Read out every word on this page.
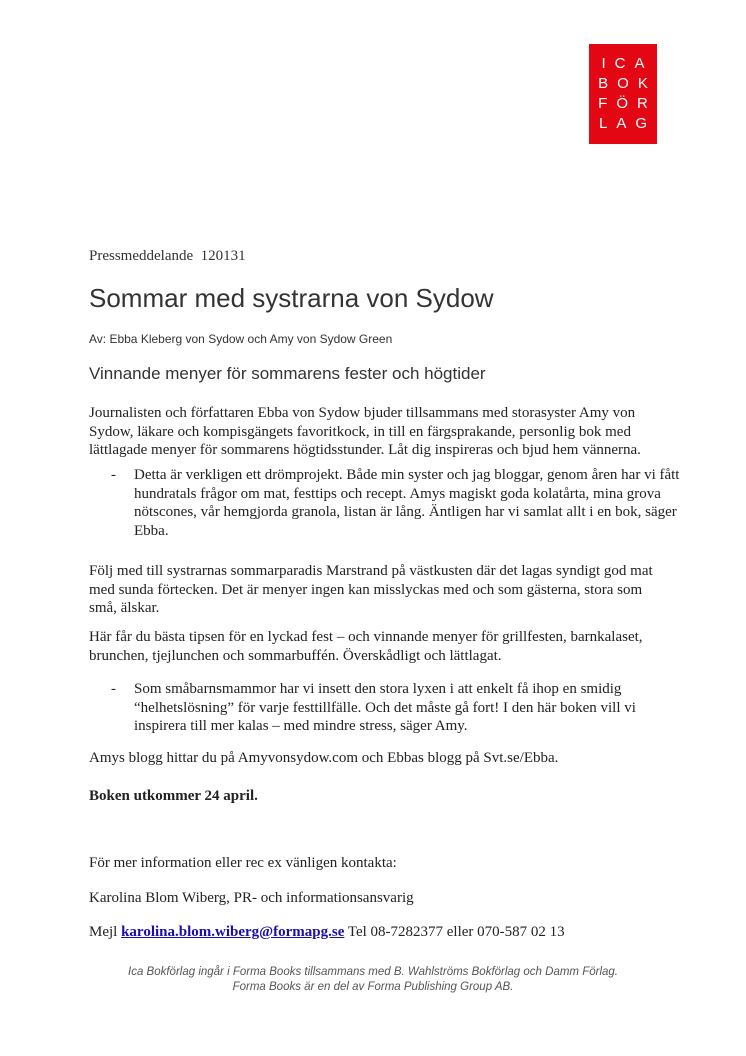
ICA
BOK
FÖR
LAG
Pressmeddelande  120131
Sommar med systrarna von Sydow
Av: Ebba Kleberg von Sydow och Amy von Sydow Green
Vinnande menyer för sommarens fester och högtider

Journalisten och författaren Ebba von Sydow bjuder tillsammans med storasyster Amy von Sydow, läkare och kompisgängets favoritkock, in till en färgsprakande, personlig bok med lättlagade menyer för sommarens högtidsstunder. Låt dig inspireras och bjud hem vännerna.

-	Detta är verkligen ett drömprojekt. Både min syster och jag bloggar, genom åren har vi fått hundratals frågor om mat, festtips och recept. Amys magiskt goda kolatårta, mina grova nötscones, vår hemgjorda granola, listan är lång. Äntligen har vi samlat allt i en bok, säger Ebba.

Följ med till systrarnas sommarparadis Marstrand på västkusten där det lagas syndigt god mat med sunda förtecken. Det är menyer ingen kan misslyckas med och som gästerna, stora som små, älskar.

Här får du bästa tipsen för en lyckad fest – och vinnande menyer för grillfesten, barnkalaset, brunchen, tjejlunchen och sommarbuffén. Överskådligt och lättlagat.

-	Som småbarnsmammor har vi insett den stora lyxen i att enkelt få ihop en smidig “helhetslösning” för varje festtillfälle. Och det måste gå fort! I den här boken vill vi inspirera till mer kalas – med mindre stress, säger Amy.

Amys blogg hittar du på Amyvonsydow.com och Ebbas blogg på Svt.se/Ebba.

Boken utkommer 24 april.

För mer information eller rec ex vänligen kontakta:

Karolina Blom Wiberg, PR- och informationsansvarig

Mejl karolina.blom.wiberg@formapg.se Tel 08-7282377 eller 070-587 02 13

Ica Bokförlag ingår i Forma Books tillsammans med B. Wahlströms Bokförlag och Damm Förlag.
Forma Books är en del av Forma Publishing Group AB.
